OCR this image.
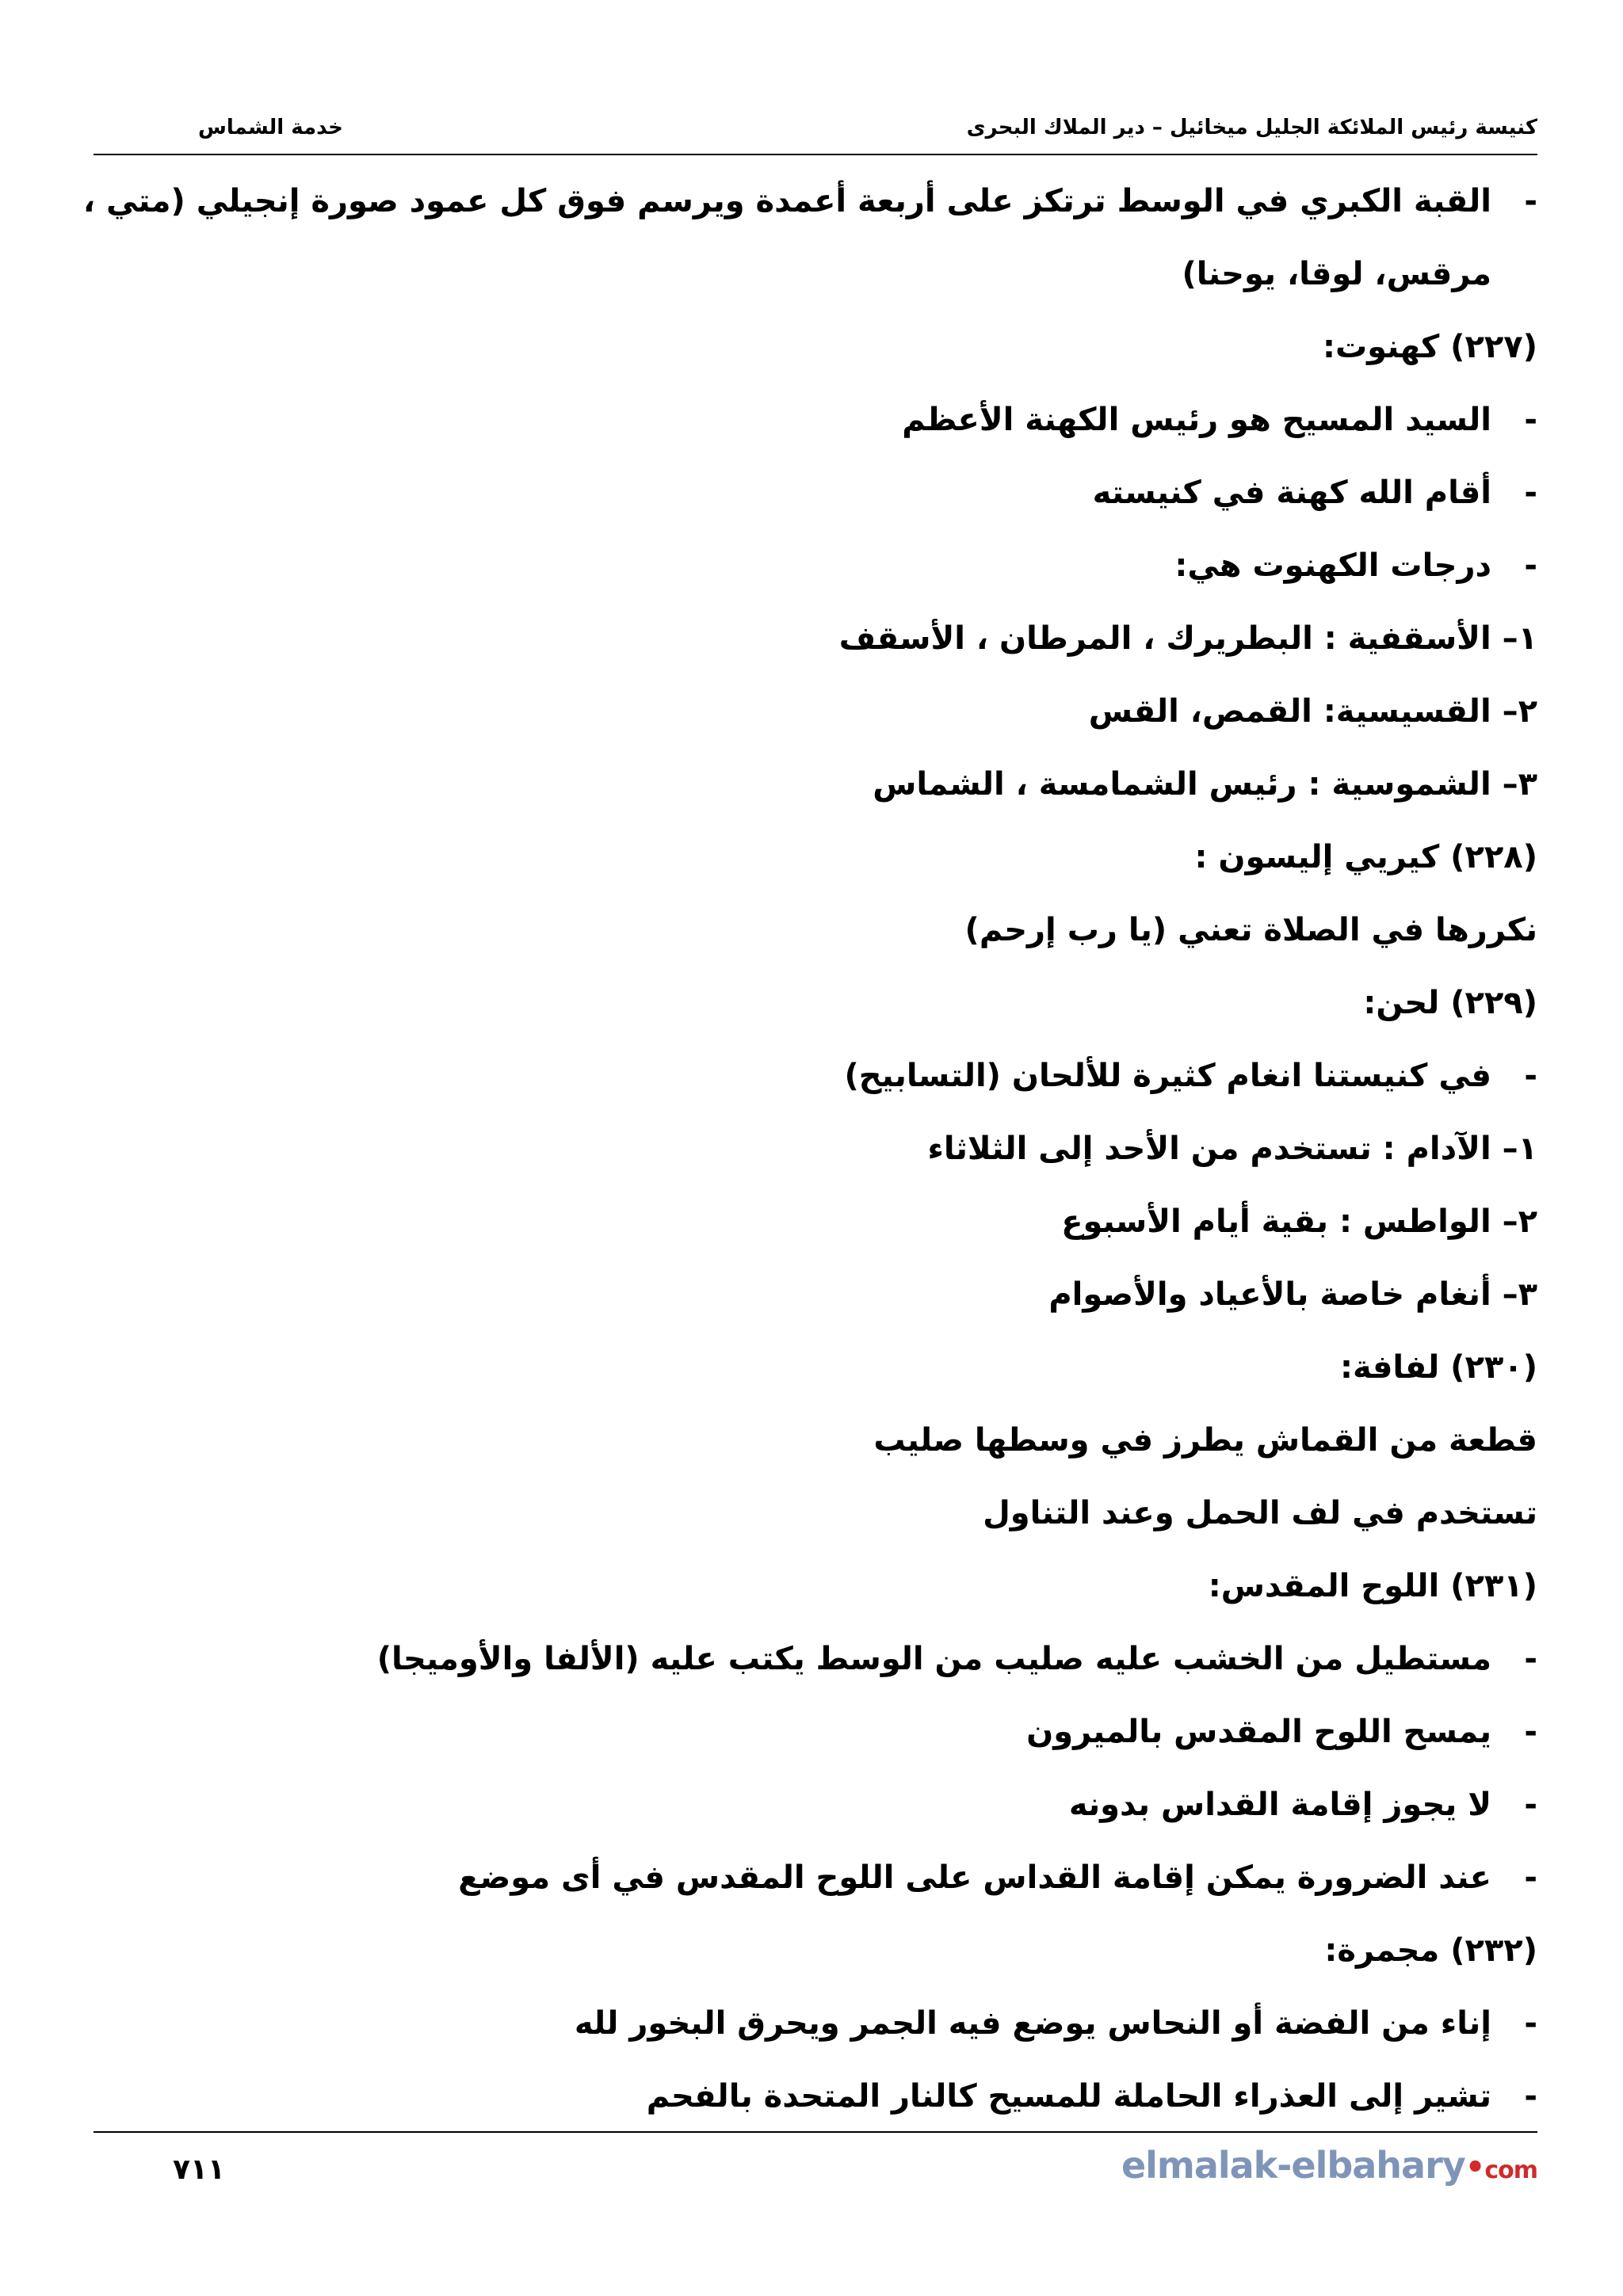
كنيسة رئيس الملائكة الجليل ميخائيل – دير الملاك البحرى
خدمة الشماس
-القبة الكبري في الوسط ترتكز على أربعة أعمدة ويرسم فوق كل عمود صورة إنجيلي (متي ،
مرقس، لوقا، يوحنا)
(٢٢٧) كهنوت:
-السيد المسيح هو رئيس الكهنة الأعظم
-أقام الله كهنة في كنيسته
-درجات الكهنوت هي:
١– الأسقفية : البطريرك ، المرطان ، الأسقف
٢– القسيسية: القمص، القس
٣– الشموسية : رئيس الشمامسة ، الشماس
(٢٢٨) كيريي إليسون :
نكررها في الصلاة تعني (يا رب إرحم)
(٢٢٩) لحن:
-في كنيستنا انغام كثيرة للألحان (التسابيح)
١– الآدام : تستخدم من الأحد إلى الثلاثاء
٢– الواطس : بقية أيام الأسبوع
٣– أنغام خاصة بالأعياد والأصوام
(٢٣٠) لفافة:
قطعة من القماش يطرز في وسطها صليب
تستخدم في لف الحمل وعند التناول
(٢٣١) اللوح المقدس:
-مستطيل من الخشب عليه صليب من الوسط يكتب عليه (الألفا والأوميجا)
-يمسح اللوح المقدس بالميرون
-لا يجوز إقامة القداس بدونه
-عند الضرورة يمكن إقامة القداس على اللوح المقدس في أى موضع
(٢٣٢) مجمرة:
-إناء من الفضة أو النحاس يوضع فيه الجمر ويحرق البخور لله
-تشير إلى العذراء الحاملة للمسيح كالنار المتحدة بالفحم
٧١١	elmalak-elbahary•com
